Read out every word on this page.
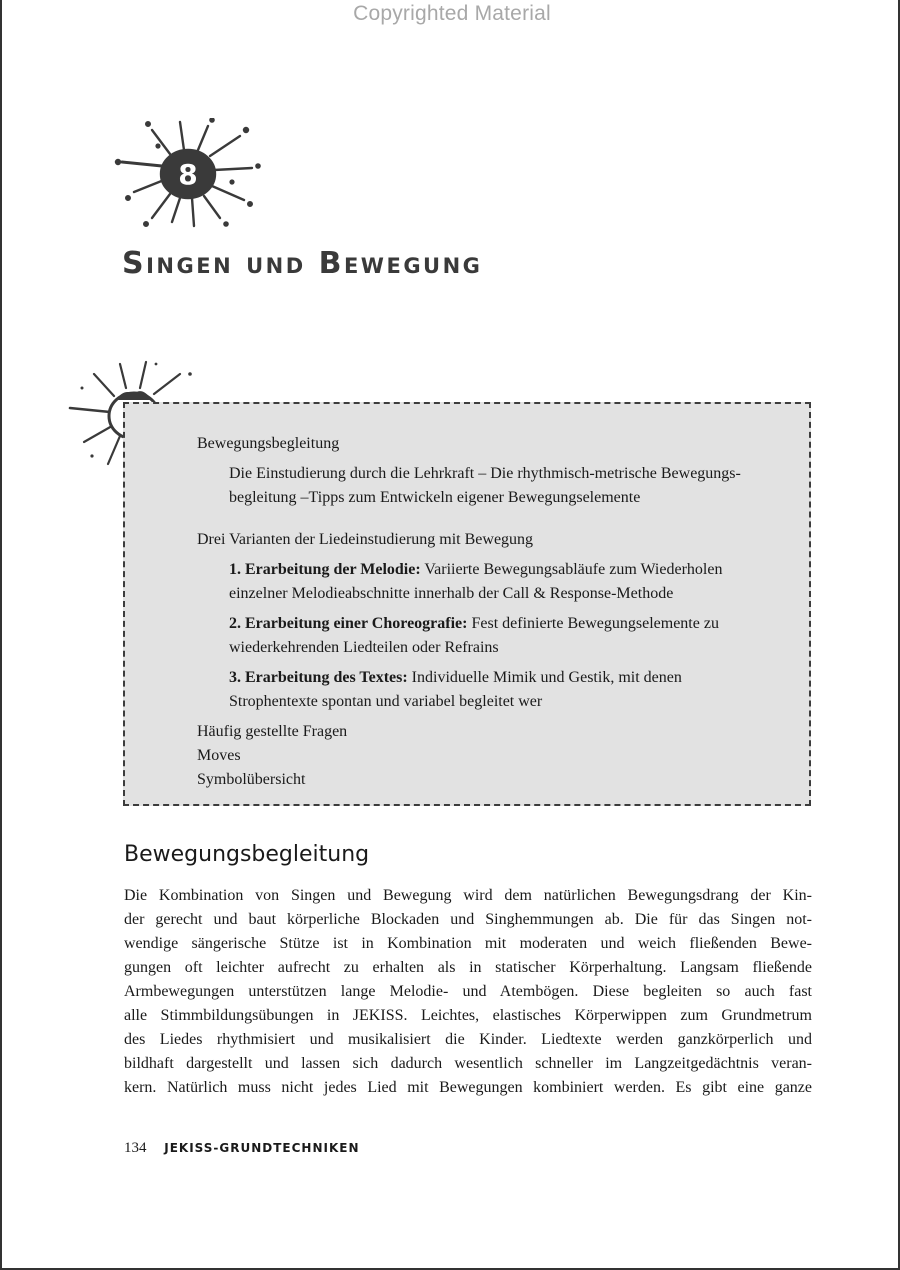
Copyrighted Material
8
Singen und Bewegung
Bewegungsbegleitung
Die Einstudierung durch die Lehrkraft – Die rhythmisch-metrische Bewegungs-
begleitung –Tipps zum Entwickeln eigener Bewegungselemente
Drei Varianten der Liedeinstudierung mit Bewegung
1. Erarbeitung der Melodie: Variierte Bewegungsabläufe zum Wiederholen
einzelner Melodieabschnitte innerhalb der Call & Response-Methode
2. Erarbeitung einer Choreografie: Fest definierte Bewegungselemente zu
wiederkehrenden Liedteilen oder Refrains
3. Erarbeitung des Textes: Individuelle Mimik und Gestik, mit denen
Strophentexte spontan und variabel begleitet wer
Häufig gestellte Fragen
Moves
Symbolübersicht
Bewegungsbegleitung
Die Kombination von Singen und Bewegung wird dem natürlichen Bewegungsdrang der Kin-
der gerecht und baut körperliche Blockaden und Singhemmungen ab. Die für das Singen not-
wendige sängerische Stütze ist in Kombination mit moderaten und weich fließenden Bewe-
gungen oft leichter aufrecht zu erhalten als in statischer Körperhaltung. Langsam fließende
Armbewegungen unterstützen lange Melodie- und Atembögen. Diese begleiten so auch fast
alle Stimmbildungsübungen in JEKISS. Leichtes, elastisches Körperwippen zum Grundmetrum
des Liedes rhythmisiert und musikalisiert die Kinder. Liedtexte werden ganzkörperlich und
bildhaft dargestellt und lassen sich dadurch wesentlich schneller im Langzeitgedächtnis veran-
kern. Natürlich muss nicht jedes Lied mit Bewegungen kombiniert werden. Es gibt eine ganze
134 JEKISS-GRUNDTECHNIKEN
